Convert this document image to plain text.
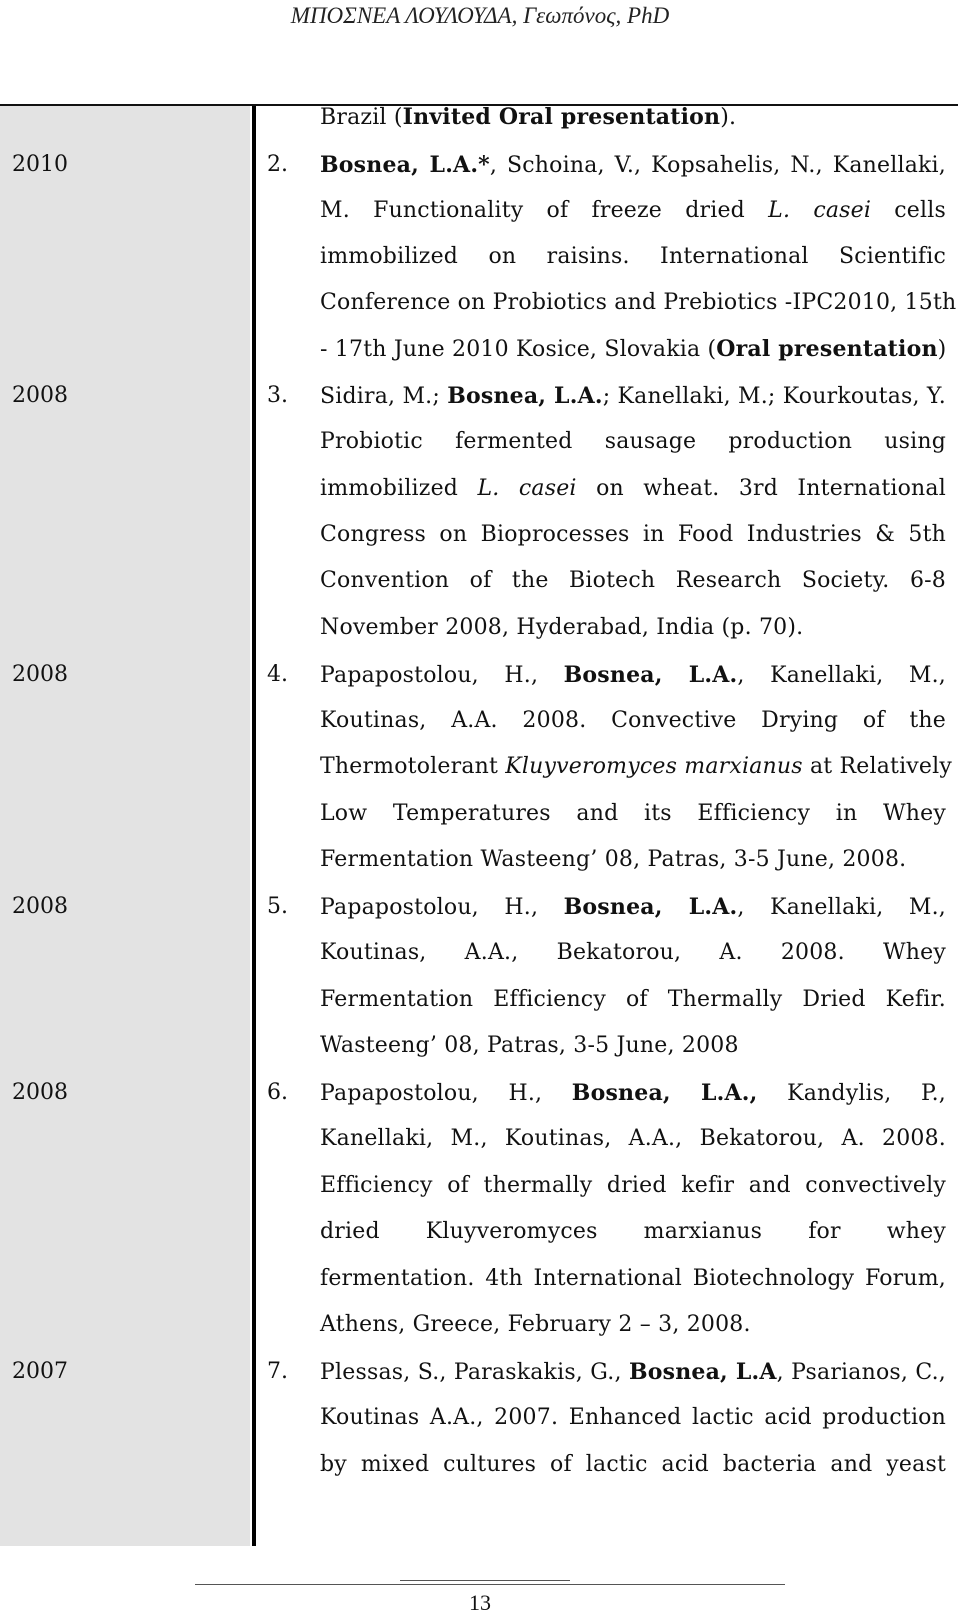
ΜΠΟΣΝΕΑ ΛΟΥΛΟΥΔΑ, Γεωπόνος, PhD
Brazil (Invited Oral presentation).
2010	2. Bosnea, L.A.*, Schoina, V., Kopsahelis, N., Kanellaki,
M. Functionality of freeze dried L. casei cells
immobilized on raisins. International Scientific
Conference on Probiotics and Prebiotics -IPC2010, 15th
- 17th June 2010 Kosice, Slovakia (Oral presentation)
2008	3. Sidira, M.; Bosnea, L.A.; Kanellaki, M.; Kourkoutas, Y.
Probiotic fermented sausage production using
immobilized L. casei on wheat. 3rd International
Congress on Bioprocesses in Food Industries & 5th
Convention of the Biotech Research Society. 6-8
November 2008, Hyderabad, India (p. 70).
2008	4. Papapostolou, H., Bosnea, L.A., Kanellaki, M.,
Koutinas, A.A. 2008. Convective Drying of the
Thermotolerant Kluyveromyces marxianus at Relatively
Low Temperatures and its Efficiency in Whey
Fermentation Wasteeng’ 08, Patras, 3-5 June, 2008.
2008	5. Papapostolou, H., Bosnea, L.A., Kanellaki, M.,
Koutinas, A.A., Bekatorou, A. 2008. Whey
Fermentation Efficiency of Thermally Dried Kefir.
Wasteeng’ 08, Patras, 3-5 June, 2008
2008	6. Papapostolou, H., Bosnea, L.A., Kandylis, P.,
Kanellaki, M., Koutinas, A.A., Bekatorou, A. 2008.
Efficiency of thermally dried kefir and convectively
dried Kluyveromyces marxianus for whey
fermentation. 4th International Biotechnology Forum,
Athens, Greece, February 2 – 3, 2008.
2007	7. Plessas, S., Paraskakis, G., Bosnea, L.A, Psarianos, C.,
Koutinas A.A., 2007. Enhanced lactic acid production
by mixed cultures of lactic acid bacteria and yeast
13
